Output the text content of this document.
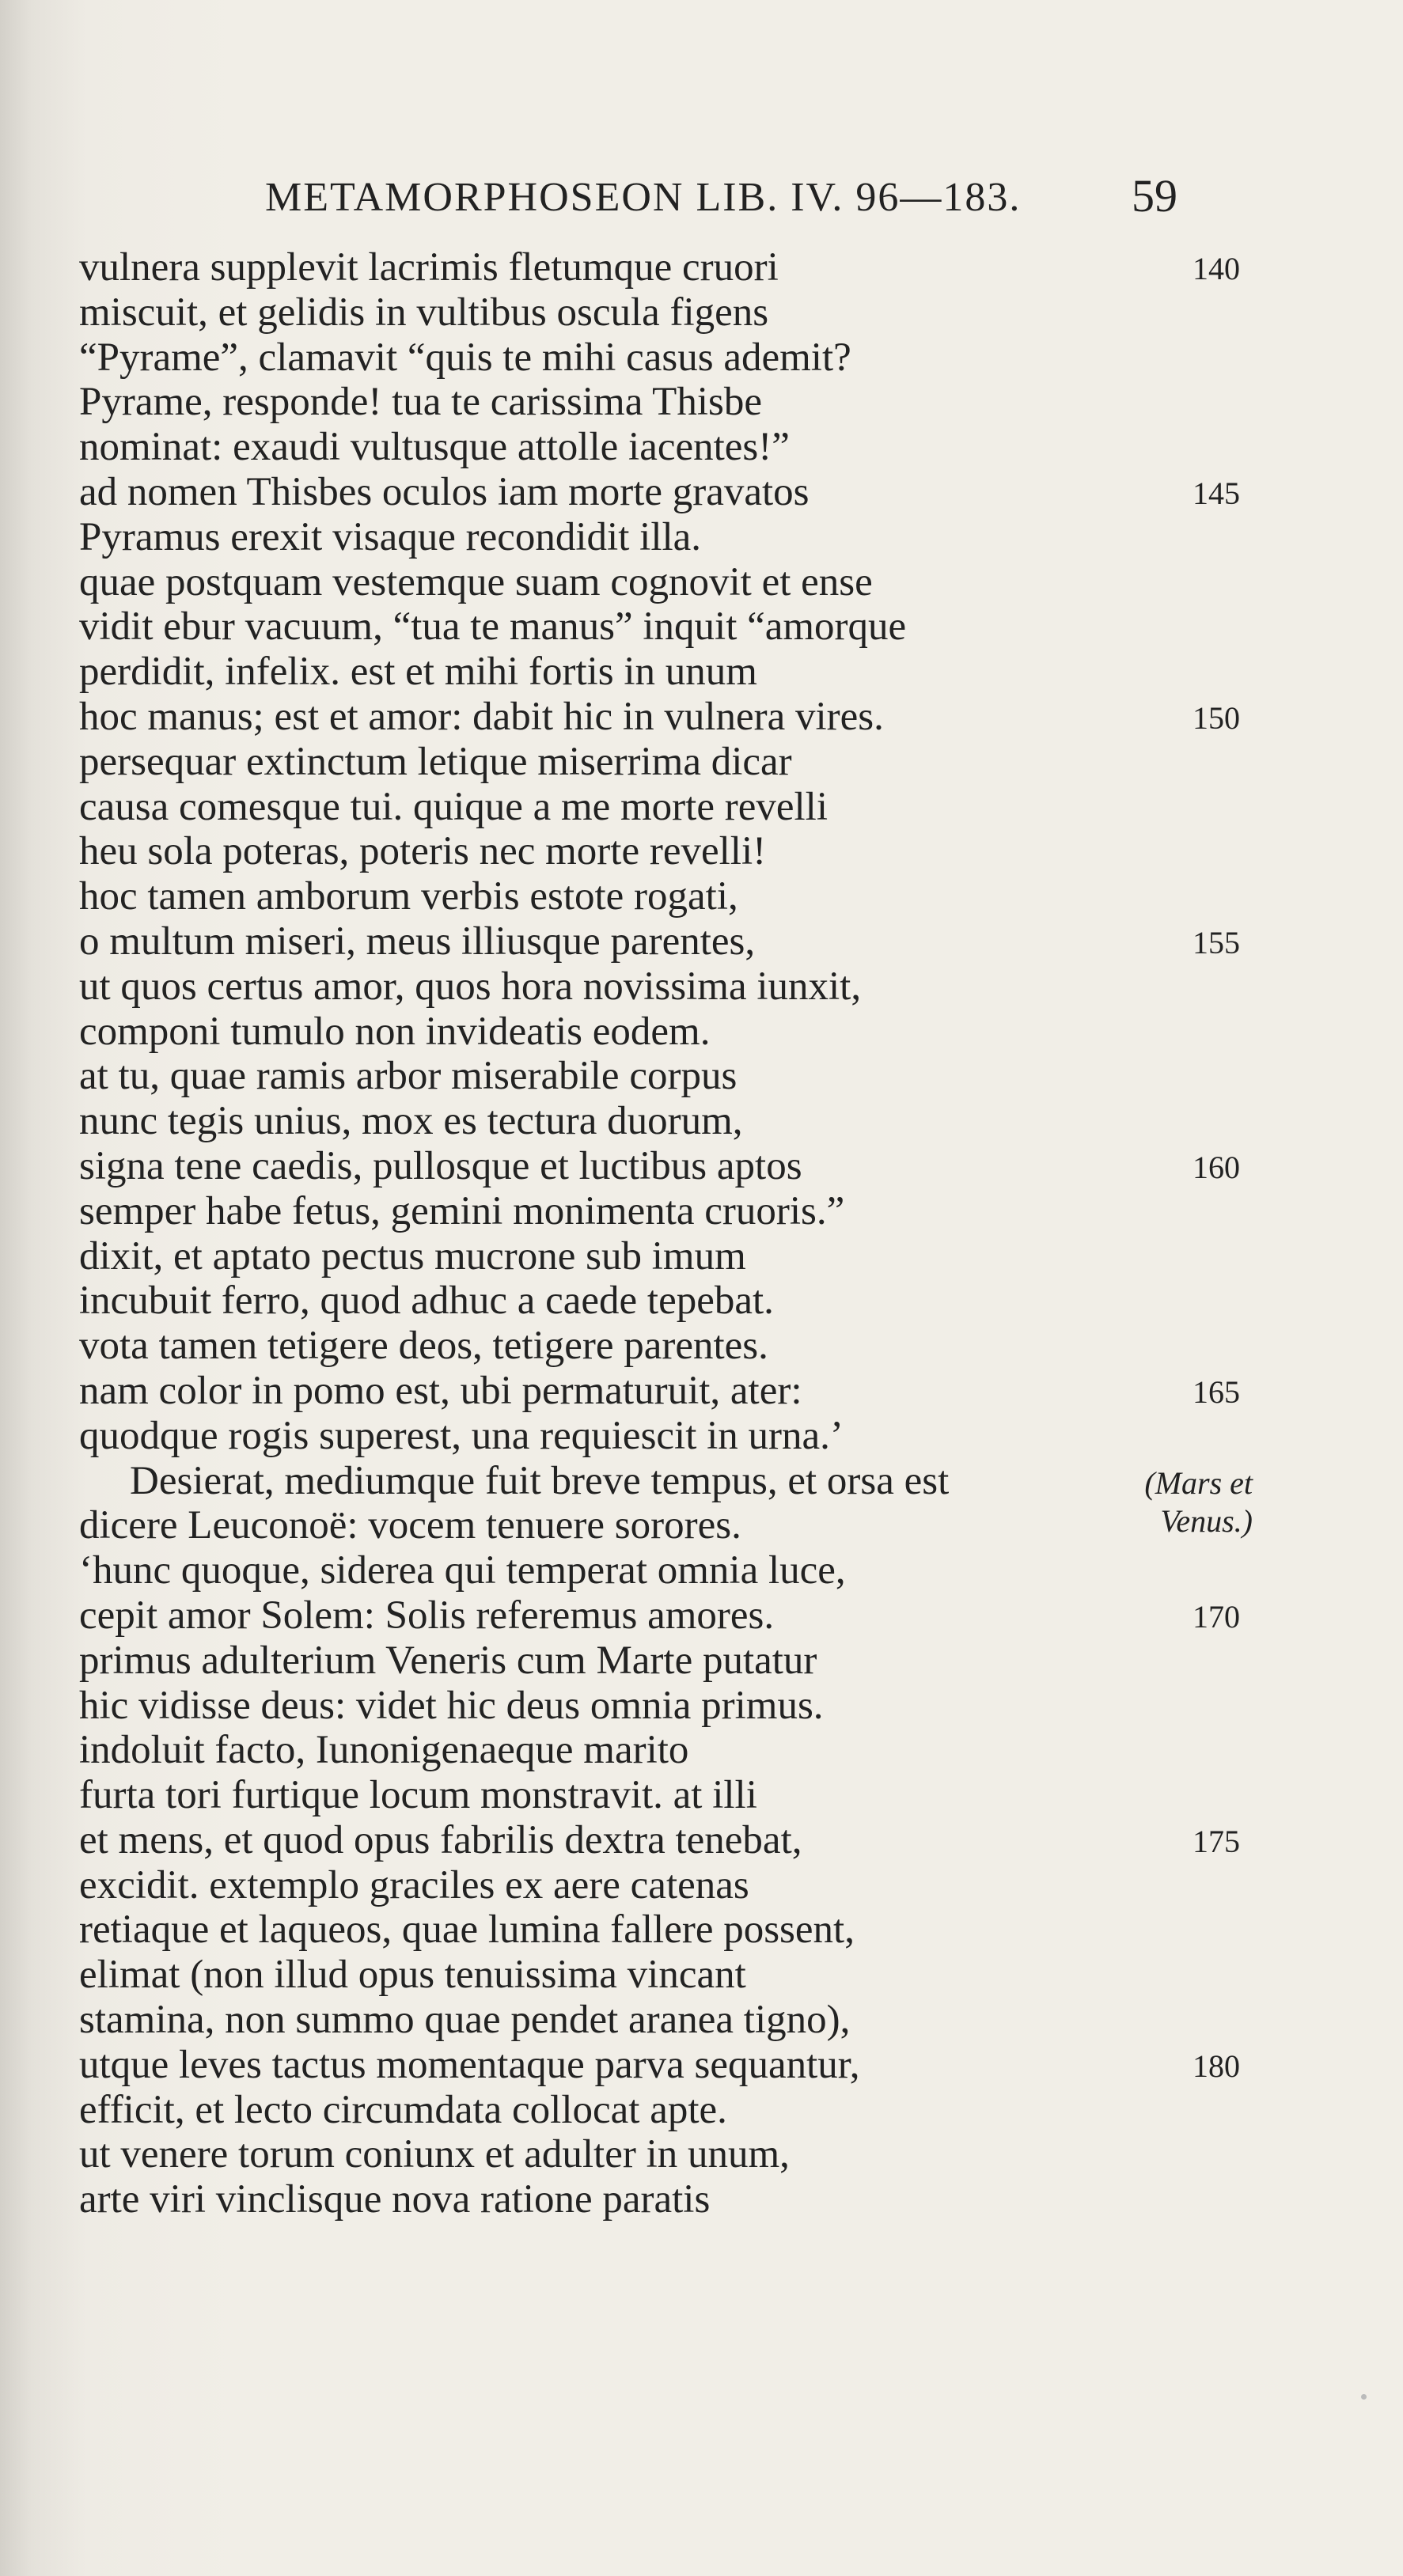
METAMORPHOSEON LIB. IV. 96—183. 59
vulnera supplevit lacrimis fletumque cruori	140
miscuit, et gelidis in vultibus oscula figens
“Pyrame”, clamavit “quis te mihi casus ademit?
Pyrame, responde! tua te carissima Thisbe
nominat: exaudi vultusque attolle iacentes!”
ad nomen Thisbes oculos iam morte gravatos	145
Pyramus erexit visaque recondidit illa.
quae postquam vestemque suam cognovit et ense
vidit ebur vacuum, “tua te manus” inquit “amorque
perdidit, infelix. est et mihi fortis in unum
hoc manus; est et amor: dabit hic in vulnera vires.	150
persequar extinctum letique miserrima dicar
causa comesque tui. quique a me morte revelli
heu sola poteras, poteris nec morte revelli!
hoc tamen amborum verbis estote rogati,
o multum miseri, meus illiusque parentes,	155
ut quos certus amor, quos hora novissima iunxit,
componi tumulo non invideatis eodem.
at tu, quae ramis arbor miserabile corpus
nunc tegis unius, mox es tectura duorum,
signa tene caedis, pullosque et luctibus aptos	160
semper habe fetus, gemini monimenta cruoris.”
dixit, et aptato pectus mucrone sub imum
incubuit ferro, quod adhuc a caede tepebat.
vota tamen tetigere deos, tetigere parentes.
nam color in pomo est, ubi permaturuit, ater:	165
quodque rogis superest, una requiescit in urna.’
Desierat, mediumque fuit breve tempus, et orsa est
dicere Leuconoë: vocem tenuere sorores.
‘hunc quoque, siderea qui temperat omnia luce,
cepit amor Solem: Solis referemus amores.	170
primus adulterium Veneris cum Marte putatur
hic vidisse deus: videt hic deus omnia primus.
indoluit facto, Iunonigenaeque marito
furta tori furtique locum monstravit. at illi
et mens, et quod opus fabrilis dextra tenebat,	175
excidit. extemplo graciles ex aere catenas
retiaque et laqueos, quae lumina fallere possent,
elimat (non illud opus tenuissima vincant
stamina, non summo quae pendet aranea tigno),
utque leves tactus momentaque parva sequantur,	180
efficit, et lecto circumdata collocat apte.
ut venere torum coniunx et adulter in unum,
arte viri vinclisque nova ratione paratis
(Mars et
Venus.)
